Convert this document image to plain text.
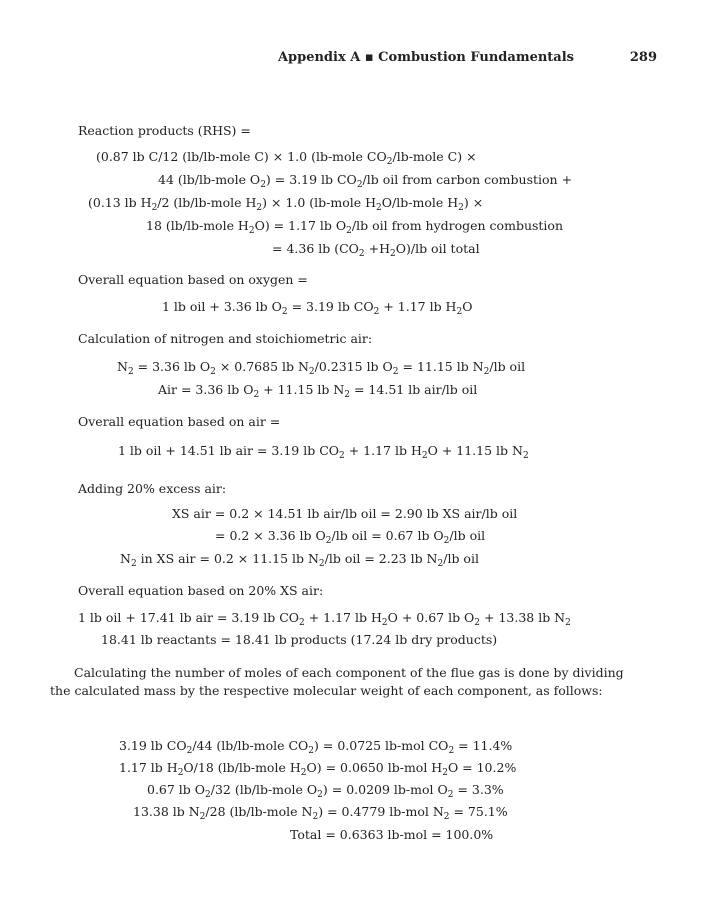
Appendix A ▪ Combustion Fundamentals	289
Reaction products (RHS) =
(0.87 lb C/12 (lb/lb-mole C) × 1.0 (lb-mole $CO_2/lb$-mole C) ×
44 (lb/lb-mole $O_2) = 3.19$ lb $CO_2/lb$ oil from carbon combustion +
(0.13 lb $H_2/2$ (lb/lb-mole $H_2) \times 1.0$ (lb-mole $H_2O/lb$-mole $H_2$) ×
18 (lb/lb-mole $H_2O) = 1.17$ lb $O_2/lb$ oil from hydrogen combustion
= 4.36 lb $(CO_2 +H_2O)/lb$ oil total
Overall equation based on oxygen =
1 lb oil + 3.36 lb $O_2 = 3.19$ lb $CO_2 + 1.17$ lb $H_2O$
Calculation of nitrogen and stoichiometric air:
$N_2 = 3.36$ lb $O_2 \times 0.7685$ lb $N_2/0.2315$ lb $O_2 = 11.15$ lb $N_2/lb$ oil
Air = 3.36 lb $O_2 + 11.15$ lb $N_2 = 14.51$ lb air/lb oil
Overall equation based on air =
1 lb oil + 14.51 lb air = 3.19 lb $CO_2 + 1.17$ lb $H_2O + 11.15$ lb $N_2$
Adding 20% excess air:
XS air = 0.2 × 14.51 lb air/lb oil = 2.90 lb XS air/lb oil
= 0.2 × 3.36 lb $O_2/lb$ oil = 0.67 lb $O_2/lb$ oil
$N_2$ in XS air = 0.2 × 11.15 lb $N_2/lb$ oil = 2.23 lb $N_2/lb$ oil
Overall equation based on 20% XS air:
1 lb oil + 17.41 lb air = 3.19 lb $CO_2 + 1.17$ lb $H_2O + 0.67$ lb $O_2 + 13.38$ lb $N_2$
18.41 lb reactants = 18.41 lb products (17.24 lb dry products)
Calculating the number of moles of each component of the flue gas is done by dividing the calculated mass by the respective molecular weight of each component, as follows:
3.19 lb $CO_2/44$ (lb/lb-mole $CO_2) = 0.0725$ lb-mol $CO_2 = 11.4\%$
1.17 lb $H_2O/18$ (lb/lb-mole $H_2O) = 0.0650$ lb-mol $H_2O = 10.2\%$
0.67 lb $O_2/32$ (lb/lb-mole $O_2) = 0.0209$ lb-mol $O_2 = 3.3\%$
13.38 lb $N_2/28$ (lb/lb-mole $N_2) = 0.4779$ lb-mol $N_2 = 75.1\%$
Total = 0.6363 lb-mol = 100.0%
